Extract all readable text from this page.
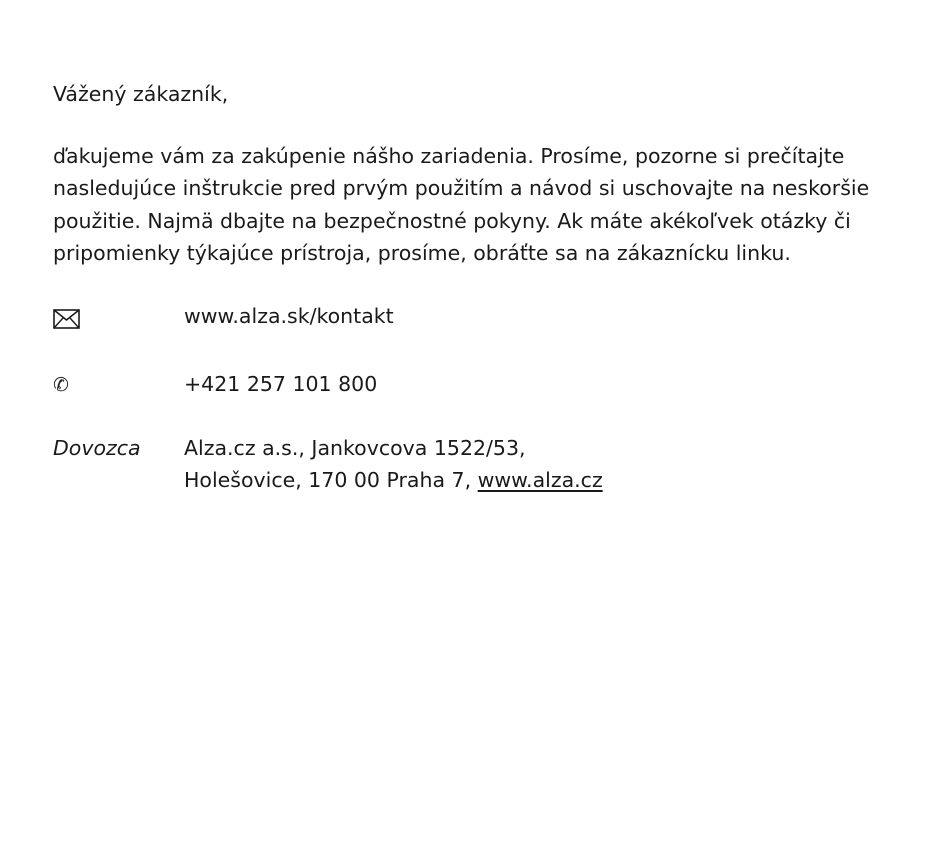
Vážený zákazník,

ďakujeme vám za zakúpenie nášho zariadenia. Prosíme, pozorne si prečítajte
nasledujúce inštrukcie pred prvým použitím a návod si uschovajte na neskoršie
použitie. Najmä dbajte na bezpečnostné pokyny. Ak máte akékoľvek otázky či
pripomienky týkajúce prístroja, prosíme, obráťte sa na zákaznícku linku.

www.alza.sk/kontakt
✆	+421 257 101 800
Dovozca	Alza.cz a.s., Jankovcova 1522/53,
Holešovice, 170 00 Praha 7, www.alza.cz
